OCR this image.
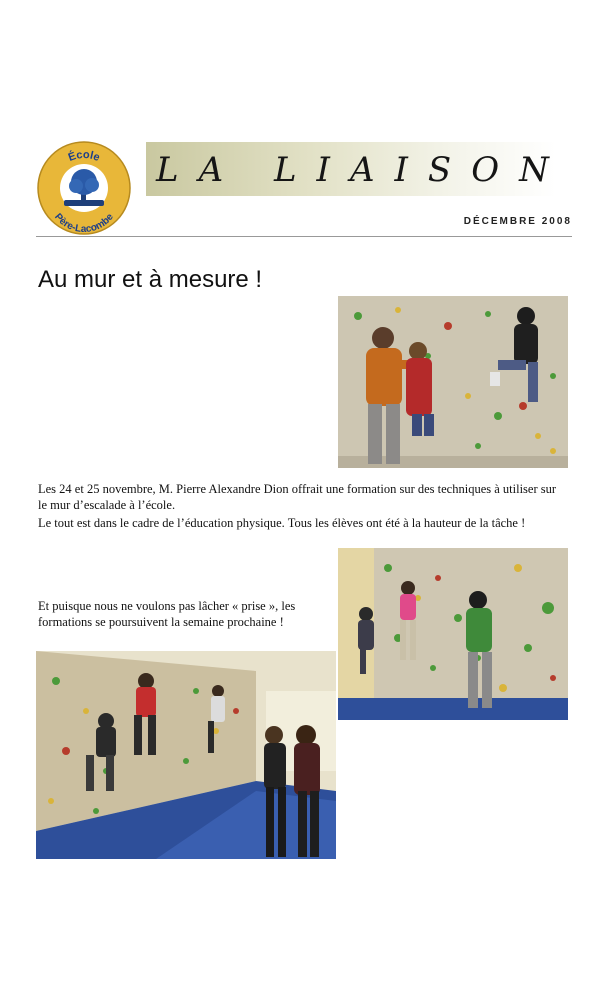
École
Père-Lacombe
LA LIAISON
DÉCEMBRE 2008
Au mur et à mesure !
Les 24 et 25 novembre, M. Pierre Alexandre Dion offrait une formation sur des techniques à utiliser sur le mur d’escalade à l’école.
Le tout est dans le cadre de l’éducation physique. Tous les élèves ont été à la hauteur de la tâche !
Et puisque nous ne voulons pas lâcher « prise », les formations se poursuivent la semaine prochaine !
